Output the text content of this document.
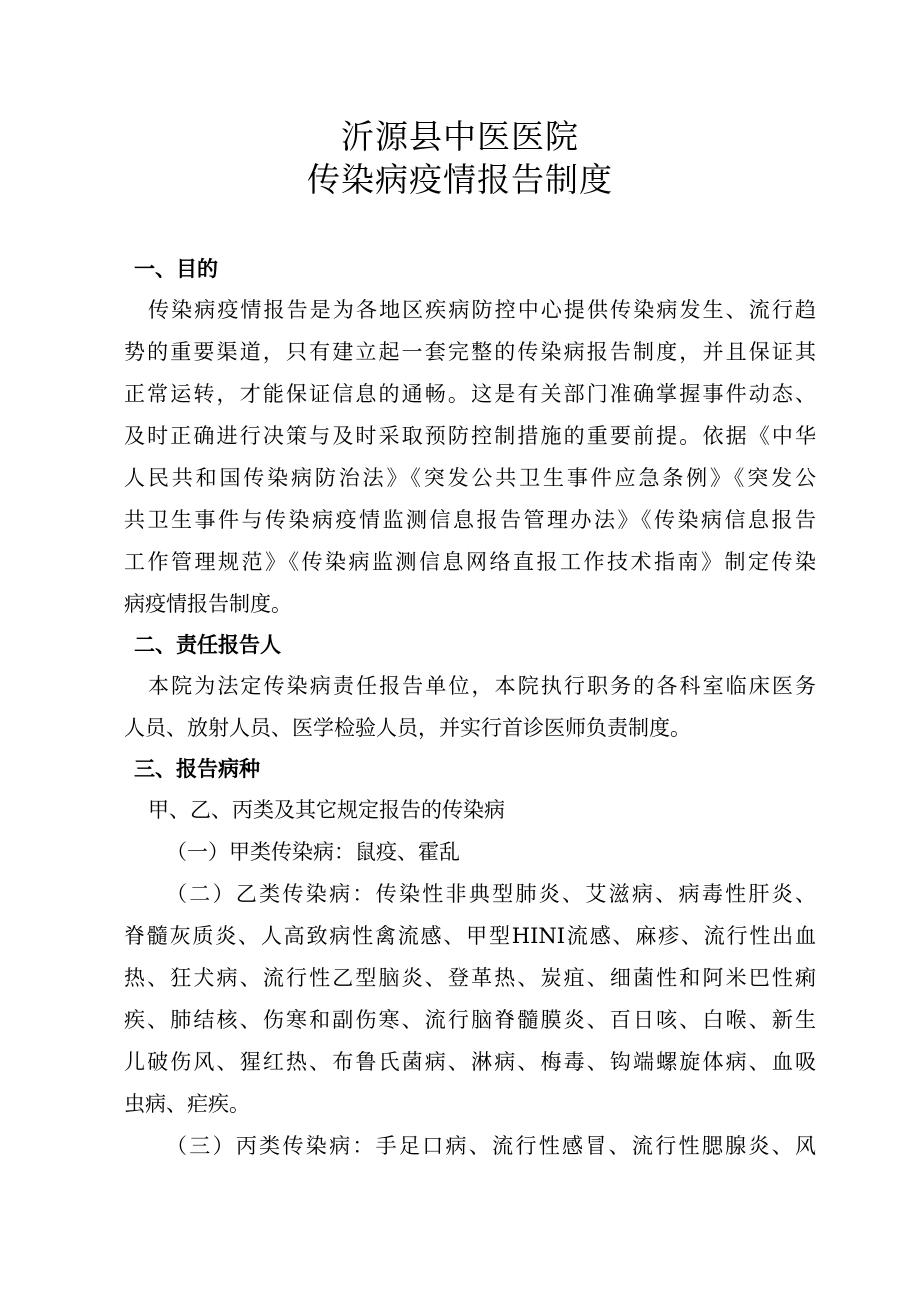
沂源县中医医院
传染病疫情报告制度
一、目的
传染病疫情报告是为各地区疾病防控中心提供传染病发生、流行趋
势的重要渠道，只有建立起一套完整的传染病报告制度，并且保证其
正常运转，才能保证信息的通畅。这是有关部门准确掌握事件动态、
及时正确进行决策与及时采取预防控制措施的重要前提。依据《中华
人民共和国传染病防治法》《突发公共卫生事件应急条例》《突发公
共卫生事件与传染病疫情监测信息报告管理办法》《传染病信息报告
工作管理规范》《传染病监测信息网络直报工作技术指南》制定传染
病疫情报告制度。
二、责任报告人
本院为法定传染病责任报告单位，本院执行职务的各科室临床医务
人员、放射人员、医学检验人员，并实行首诊医师负责制度。
三、报告病种
甲、乙、丙类及其它规定报告的传染病
（一）甲类传染病：鼠疫、霍乱
（二）乙类传染病：传染性非典型肺炎、艾滋病、病毒性肝炎、
脊髓灰质炎、人高致病性禽流感、甲型HINI流感、麻疹、流行性出血
热、狂犬病、流行性乙型脑炎、登革热、炭疽、细菌性和阿米巴性痢
疾、肺结核、伤寒和副伤寒、流行脑脊髓膜炎、百日咳、白喉、新生
儿破伤风、猩红热、布鲁氏菌病、淋病、梅毒、钩端螺旋体病、血吸
虫病、疟疾。
（三）丙类传染病：手足口病、流行性感冒、流行性腮腺炎、风
